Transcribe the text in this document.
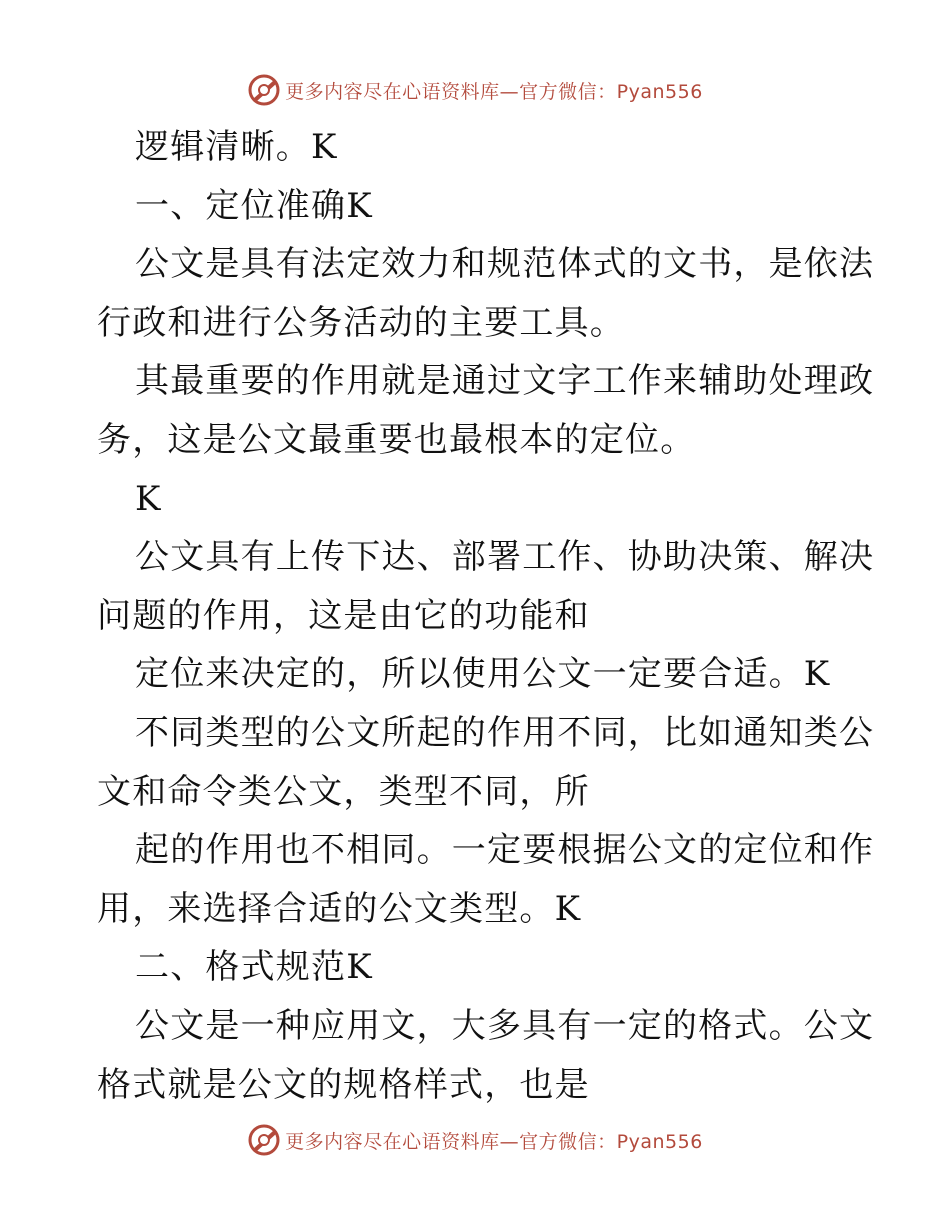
更多内容尽在心语资料库—官方微信：Pyan556
逻辑清晰。K
一、定位准确K
公文是具有法定效力和规范体式的文书，是依法
行政和进行公务活动的主要工具。
其最重要的作用就是通过文字工作来辅助处理政
务，这是公文最重要也最根本的定位。
K
公文具有上传下达、部署工作、协助决策、解决
问题的作用，这是由它的功能和
定位来决定的，所以使用公文一定要合适。K
不同类型的公文所起的作用不同，比如通知类公
文和命令类公文，类型不同，所
起的作用也不相同。一定要根据公文的定位和作
用，来选择合适的公文类型。K
二、格式规范K
公文是一种应用文，大多具有一定的格式。公文
格式就是公文的规格样式，也是
更多内容尽在心语资料库—官方微信：Pyan556
